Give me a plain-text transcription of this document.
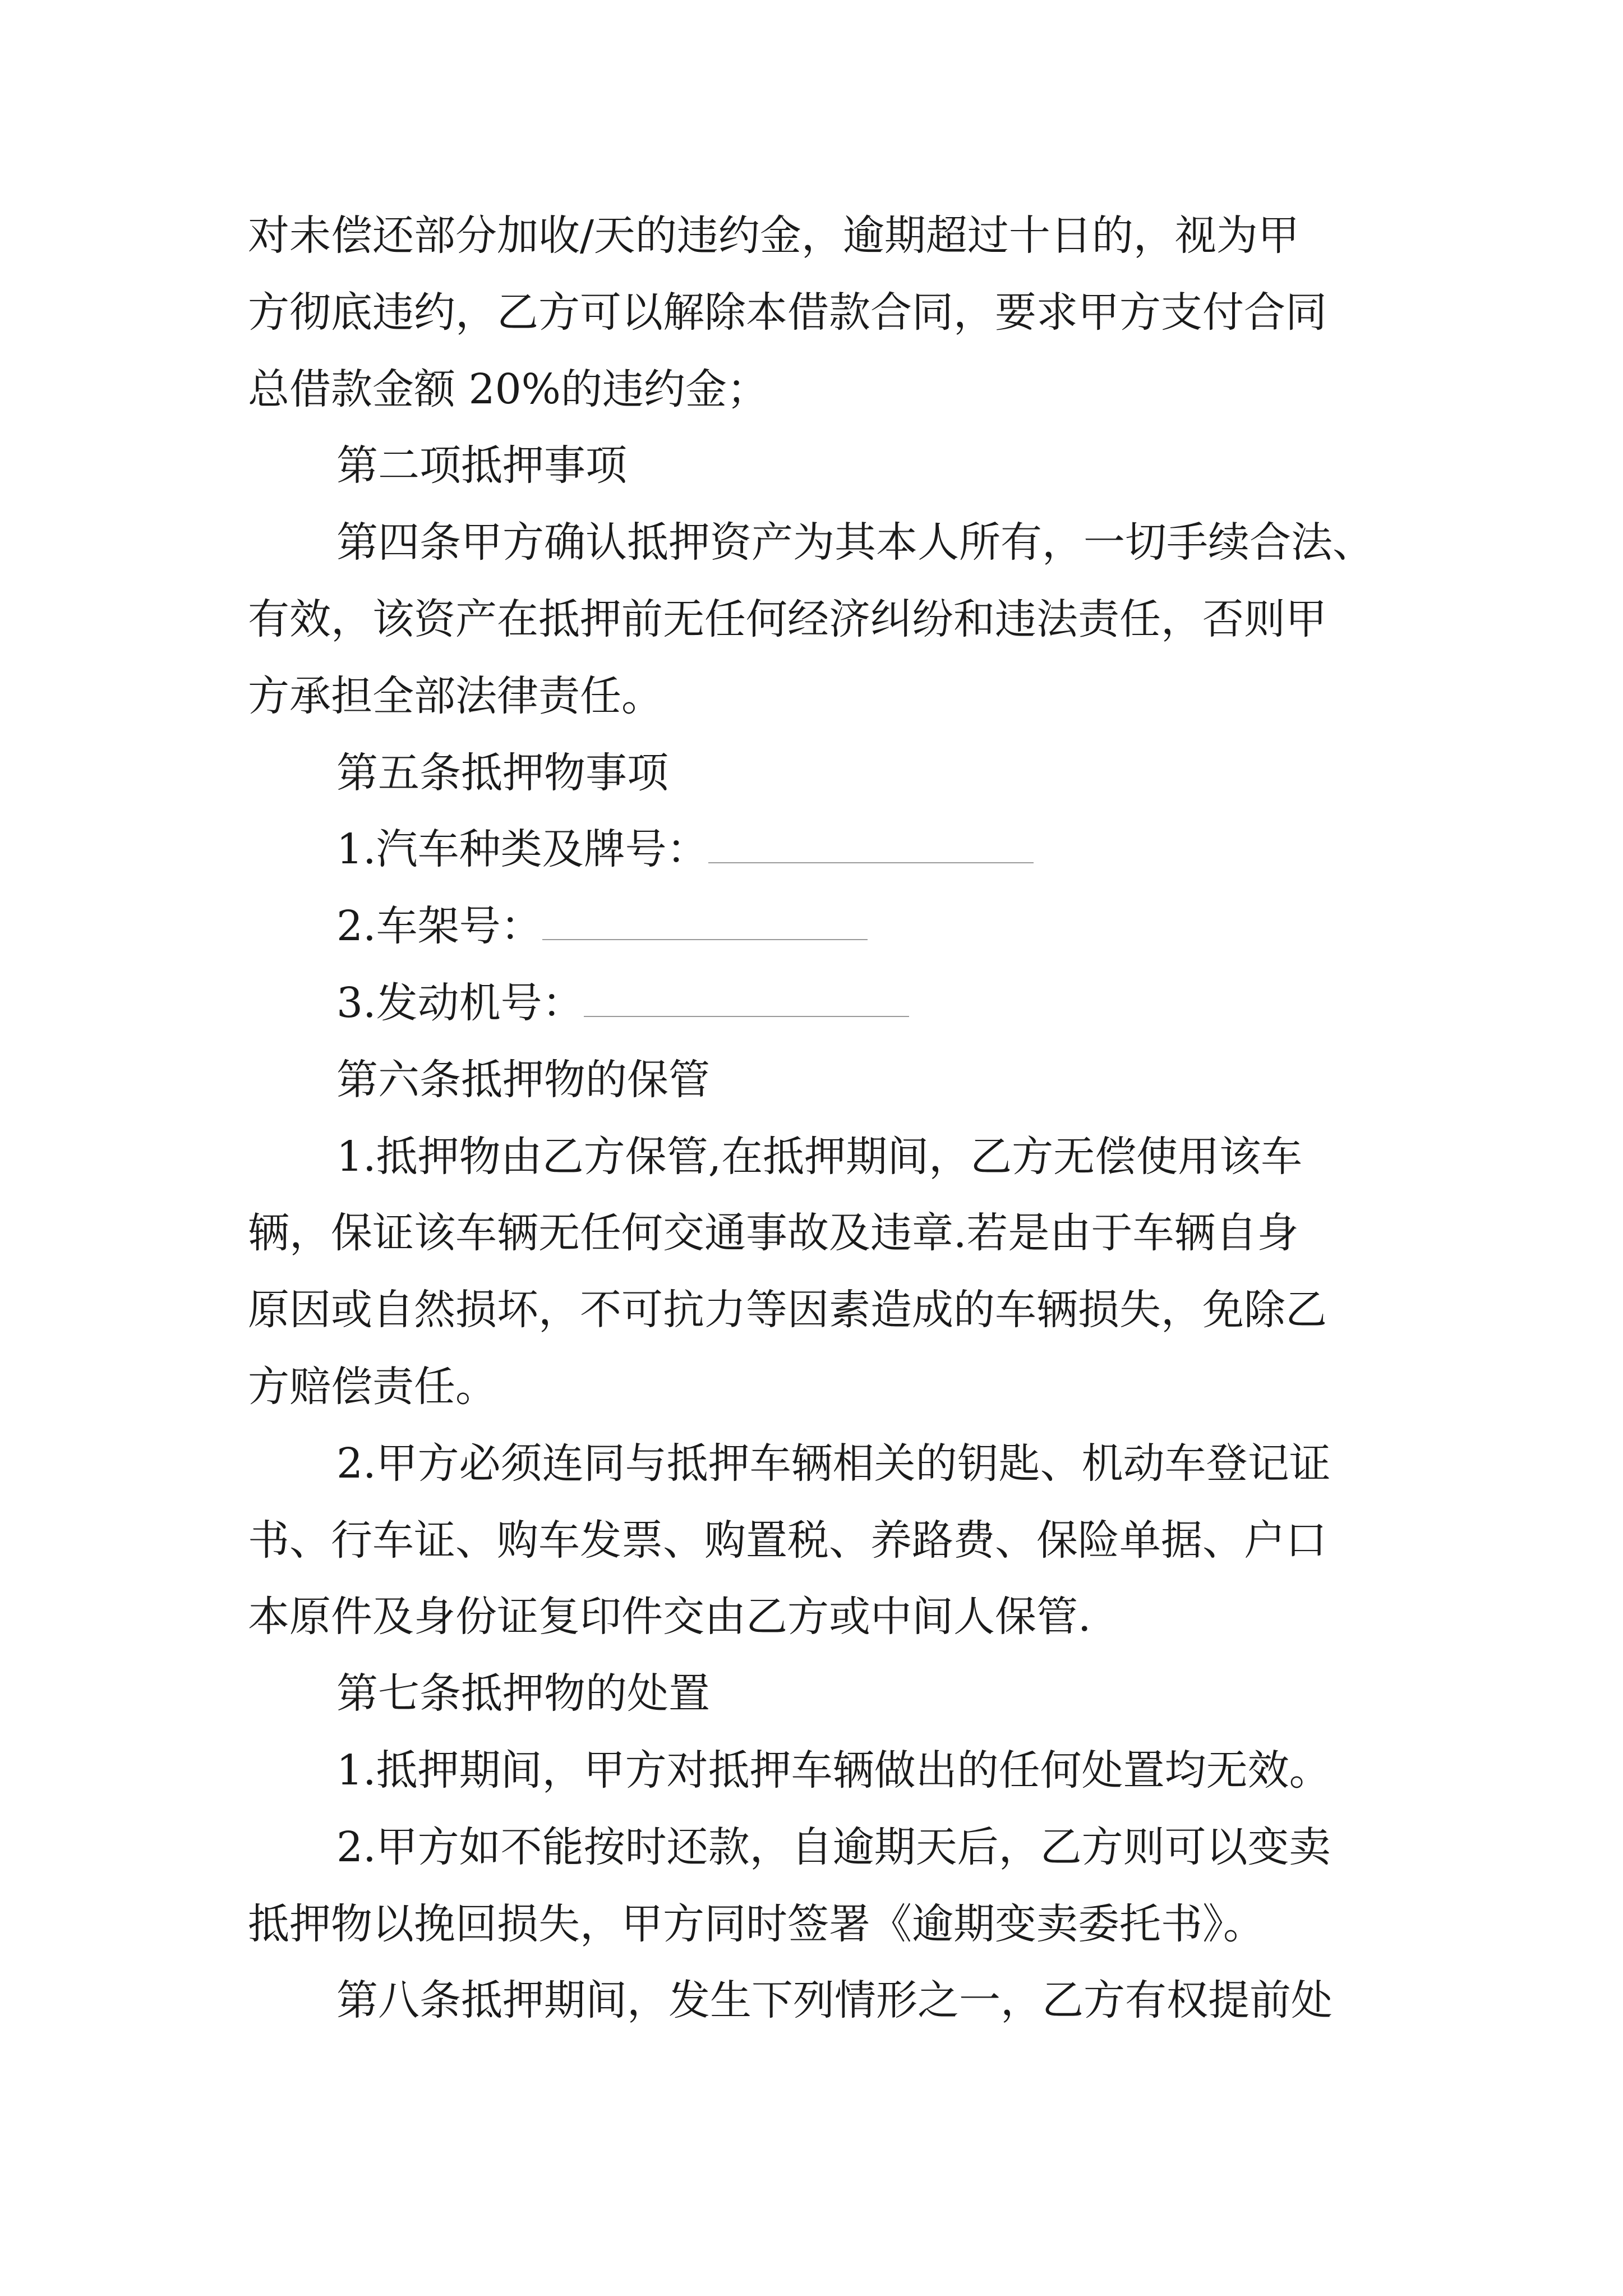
对未偿还部分加收/天的违约金，逾期超过十日的，视为甲
方彻底违约，乙方可以解除本借款合同，要求甲方支付合同
总借款金额 20%的违约金；
第二项抵押事项
第四条甲方确认抵押资产为其本人所有，一切手续合法、
有效，该资产在抵押前无任何经济纠纷和违法责任，否则甲
方承担全部法律责任。
第五条抵押物事项
1.汽车种类及牌号：
2.车架号：
3.发动机号：
第六条抵押物的保管
1.抵押物由乙方保管,在抵押期间，乙方无偿使用该车
辆，保证该车辆无任何交通事故及违章.若是由于车辆自身
原因或自然损坏，不可抗力等因素造成的车辆损失，免除乙
方赔偿责任。
2.甲方必须连同与抵押车辆相关的钥匙、机动车登记证
书、行车证、购车发票、购置税、养路费、保险单据、户口
本原件及身份证复印件交由乙方或中间人保管.
第七条抵押物的处置
1.抵押期间，甲方对抵押车辆做出的任何处置均无效。
2.甲方如不能按时还款，自逾期天后，乙方则可以变卖
抵押物以挽回损失，甲方同时签署《逾期变卖委托书》。
第八条抵押期间，发生下列情形之一，乙方有权提前处
